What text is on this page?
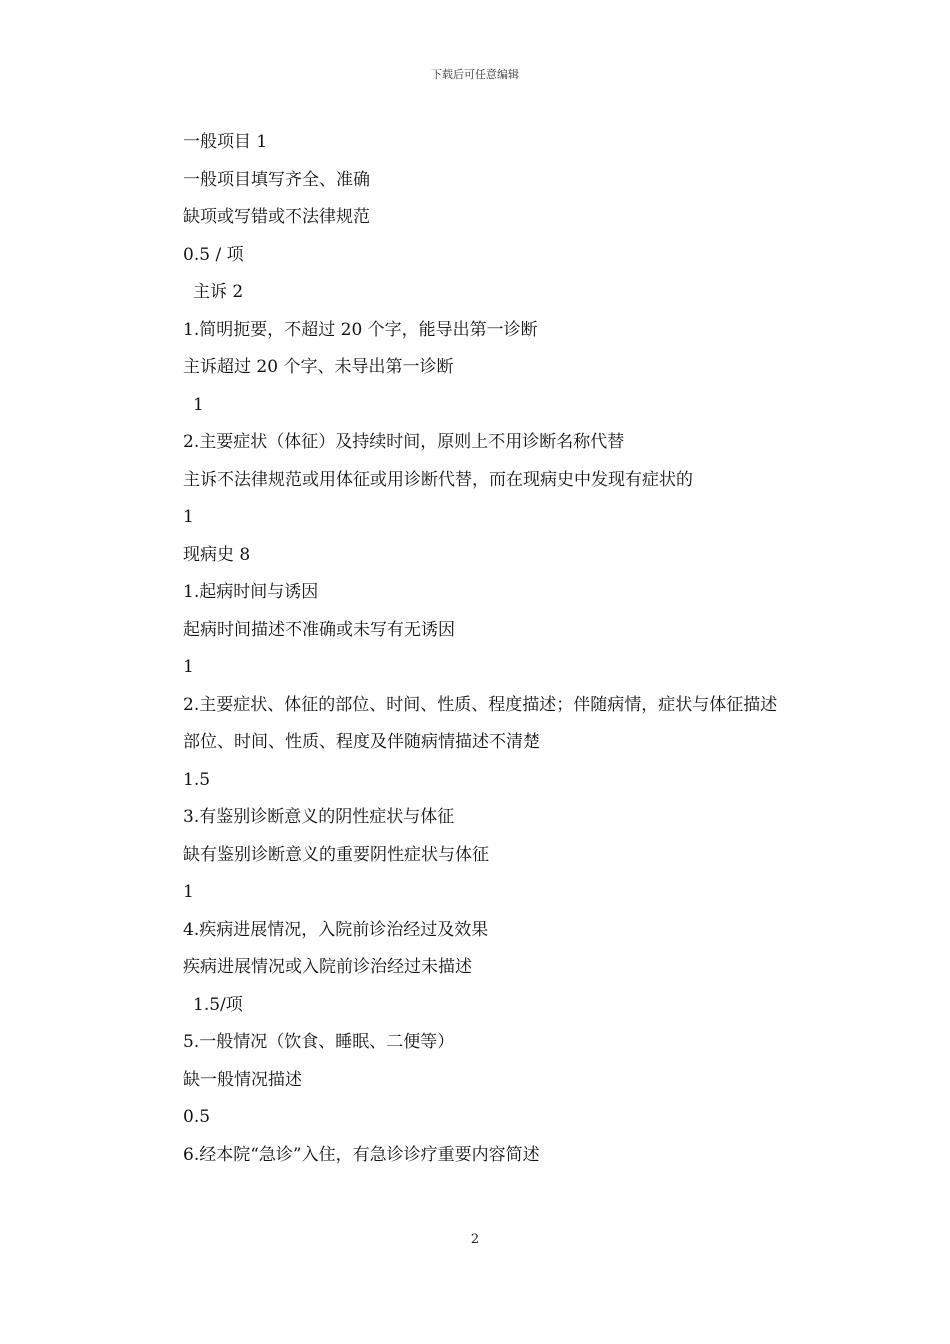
下载后可任意编辑

一般项目 1

一般项目填写齐全、准确

缺项或写错或不法律规范

0.5 / 项

主诉 2

1.简明扼要，不超过 20 个字，能导出第一诊断

主诉超过 20 个字、未导出第一诊断

1

2.主要症状（体征）及持续时间，原则上不用诊断名称代替

主诉不法律规范或用体征或用诊断代替，而在现病史中发现有症状的

1

现病史 8

1.起病时间与诱因

起病时间描述不准确或未写有无诱因

1

2.主要症状、体征的部位、时间、性质、程度描述；伴随病情，症状与体征描述

部位、时间、性质、程度及伴随病情描述不清楚

1.5

3.有鉴别诊断意义的阴性症状与体征

缺有鉴别诊断意义的重要阴性症状与体征

1

4.疾病进展情况，入院前诊治经过及效果

疾病进展情况或入院前诊治经过未描述

1.5/项

5.一般情况（饮食、睡眠、二便等）

缺一般情况描述

0.5

6.经本院“急诊”入住，有急诊诊疗重要内容简述

2
